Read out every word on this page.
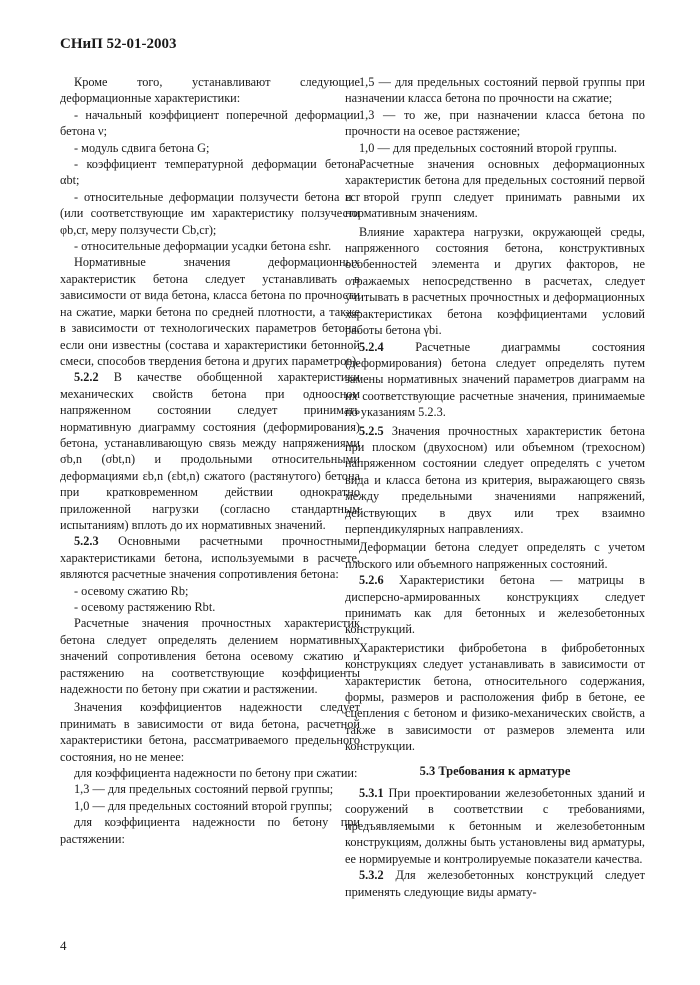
СНиП 52-01-2003

Кроме того, устанавливают следующие деформационные характеристики:

- начальный коэффициент поперечной деформации бетона ν;

- модуль сдвига бетона G;

- коэффициент температурной деформации бетона αbt;

- относительные деформации ползучести бетона εcr (или соответствующие им характеристику ползучести φb,cr, меру ползучести Cb,cr);

- относительные деформации усадки бетона εshr.

Нормативные значения деформационных характеристик бетона следует устанавливать в зависимости от вида бетона, класса бетона по прочности на сжатие, марки бетона по средней плотности, а также в зависимости от технологических параметров бетона, если они известны (состава и характеристики бетонной смеси, способов твердения бетона и других параметров).

5.2.2 В качестве обобщенной характеристики механических свойств бетона при одноосном напряженном состоянии следует принимать нормативную диаграмму состояния (деформирования) бетона, устанавливающую связь между напряжениями σb,n (σbt,n) и продольными относительными деформациями εb,n (εbt,n) сжатого (растянутого) бетона при кратковременном действии однократно приложенной нагрузки (согласно стандартным испытаниям) вплоть до их нормативных значений.

5.2.3 Основными расчетными прочностными характеристиками бетона, используемыми в расчете, являются расчетные значения сопротивления бетона:

- осевому сжатию Rb;

- осевому растяжению Rbt.

Расчетные значения прочностных характеристик бетона следует определять делением нормативных значений сопротивления бетона осевому сжатию и растяжению на соответствующие коэффициенты надежности по бетону при сжатии и растяжении.

Значения коэффициентов надежности следует принимать в зависимости от вида бетона, расчетной характеристики бетона, рассматриваемого предельного состояния, но не менее:

для коэффициента надежности по бетону при сжатии:

1,3 — для предельных состояний первой группы;

1,0 — для предельных состояний второй группы;

для коэффициента надежности по бетону при растяжении:

1,5 — для предельных состояний первой группы при назначении класса бетона по прочности на сжатие;

1,3 — то же, при назначении класса бетона по прочности на осевое растяжение;

1,0 — для предельных состояний второй группы.

Расчетные значения основных деформационных характеристик бетона для предельных состояний первой и второй групп следует принимать равными их нормативным значениям.

Влияние характера нагрузки, окружающей среды, напряженного состояния бетона, конструктивных особенностей элемента и других факторов, не отражаемых непосредственно в расчетах, следует учитывать в расчетных прочностных и деформационных характеристиках бетона коэффициентами условий работы бетона γbi.

5.2.4 Расчетные диаграммы состояния (деформирования) бетона следует определять путем замены нормативных значений параметров диаграмм на их соответствующие расчетные значения, принимаемые по указаниям 5.2.3.

5.2.5 Значения прочностных характеристик бетона при плоском (двухосном) или объемном (трехосном) напряженном состоянии следует определять с учетом вида и класса бетона из критерия, выражающего связь между предельными значениями напряжений, действующих в двух или трех взаимно перпендикулярных направлениях.

Деформации бетона следует определять с учетом плоского или объемного напряженных состояний.

5.2.6 Характеристики бетона — матрицы в дисперсно-армированных конструкциях следует принимать как для бетонных и железобетонных конструкций.

Характеристики фибробетона в фибробетонных конструкциях следует устанавливать в зависимости от характеристик бетона, относительного содержания, формы, размеров и расположения фибр в бетоне, ее сцепления с бетоном и физико-механических свойств, а также в зависимости от размеров элемента или конструкции.

5.3 Требования к арматуре

5.3.1 При проектировании железобетонных зданий и сооружений в соответствии с требованиями, предъявляемыми к бетонным и железобетонным конструкциям, должны быть установлены вид арматуры, ее нормируемые и контролируемые показатели качества.

5.3.2 Для железобетонных конструкций следует применять следующие виды армату-

4
